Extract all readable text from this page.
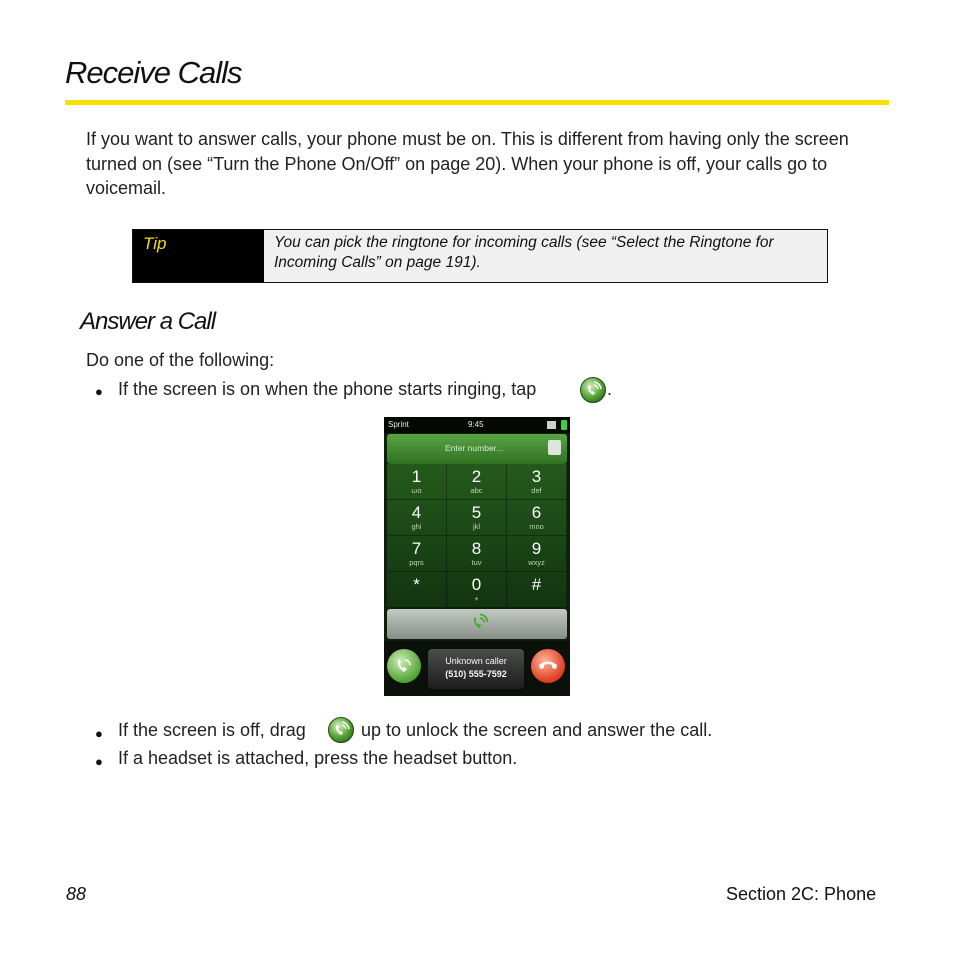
Receive Calls
If you want to answer calls, your phone must be on. This is different from having only the screen turned on (see “Turn the Phone On/Off” on page 20). When your phone is off, your calls go to voicemail.
Tip	You can pick the ringtone for incoming calls (see “Select the Ringtone for Incoming Calls” on page 191).
Answer a Call
Do one of the following:
● If the screen is on when the phone starts ringing, tap	.
Sprint	9:45
Enter number...
1
ωo
2
abc
3
def
4
ghi
5
jkl
6
mno
7
pqrs
8
tuv
9
wxyz
*	0
+
#
Unknown caller
(510) 555-7592
● If the screen is off, drag	up to unlock the screen and answer the call.
● If a headset is attached, press the headset button.
88	Section 2C: Phone
